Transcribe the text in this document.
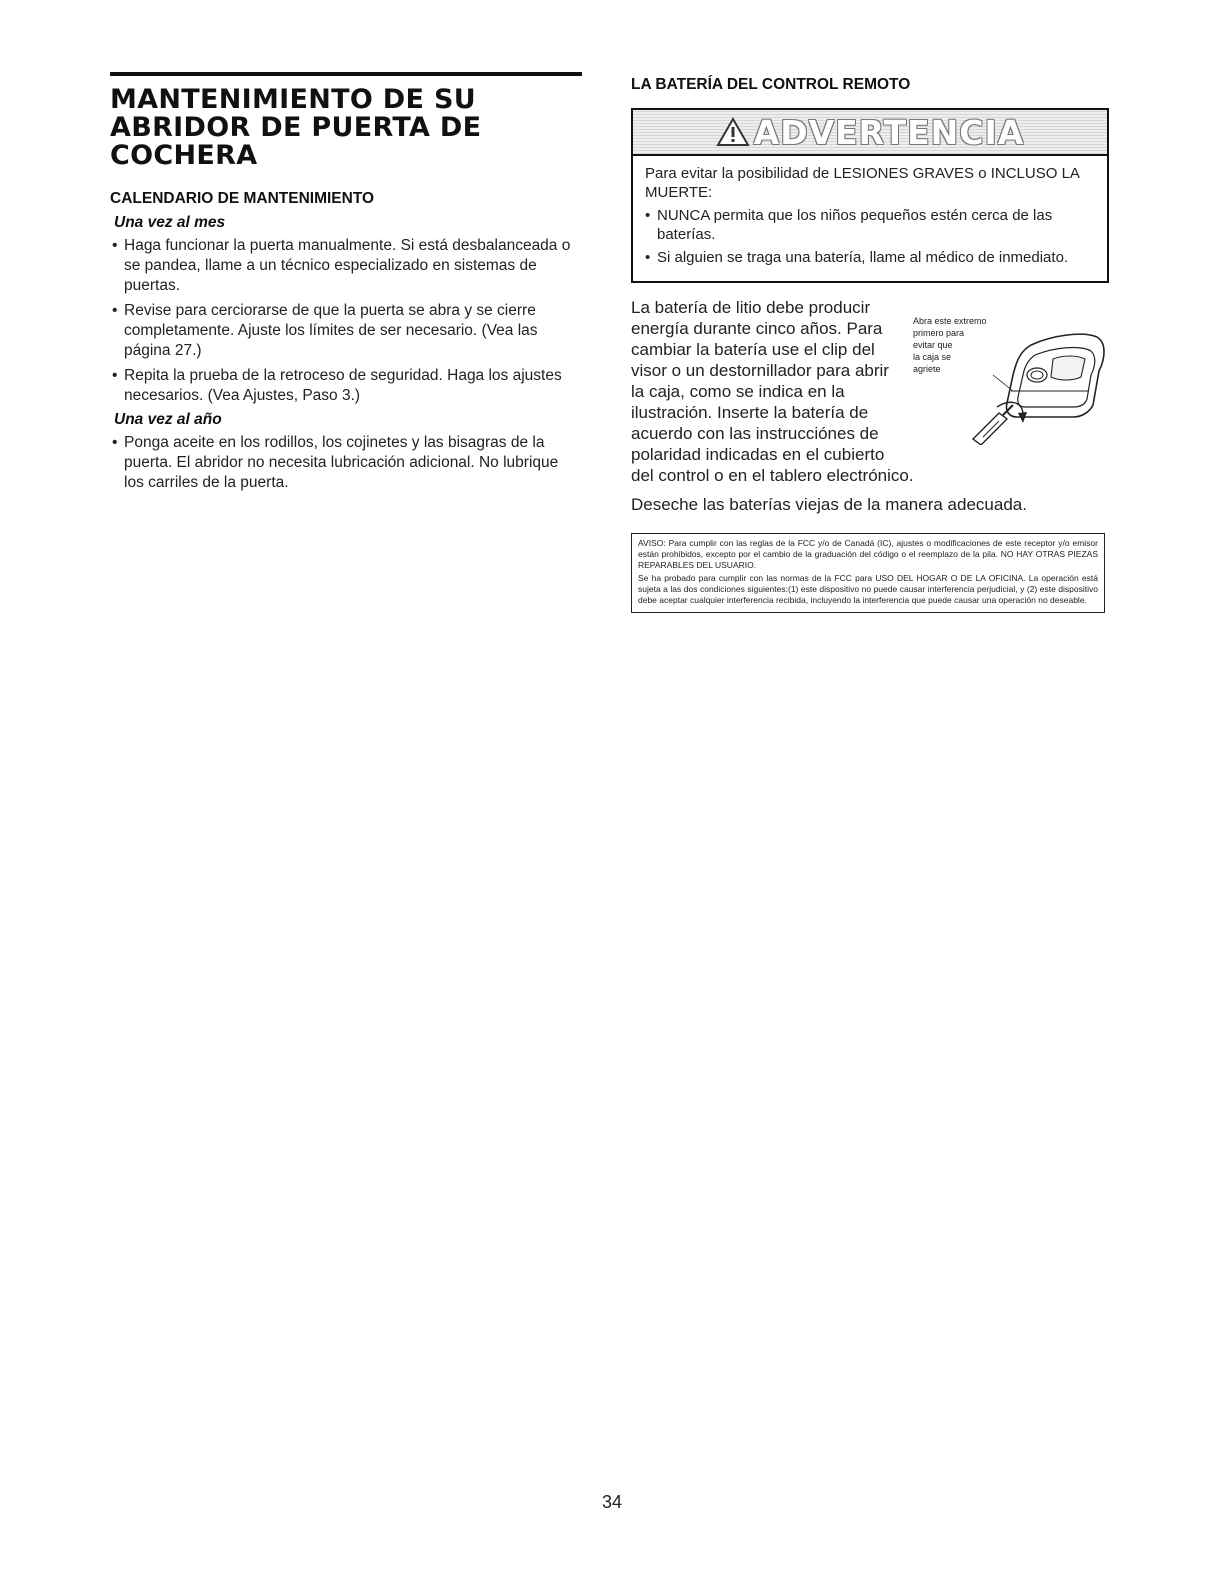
MANTENIMIENTO DE SU
ABRIDOR DE PUERTA DE
COCHERA
CALENDARIO DE MANTENIMIENTO
Una vez al mes
• Haga funcionar la puerta manualmente. Si está desbalanceada o se pandea, llame a un técnico especializado en sistemas de puertas.
• Revise para cerciorarse de que la puerta se abra y se cierre completamente. Ajuste los límites de ser necesario. (Vea las página 27.)
• Repita la prueba de la retroceso de seguridad. Haga los ajustes necesarios. (Vea Ajustes, Paso 3.)
Una vez al año
• Ponga aceite en los rodillos, los cojinetes y las bisagras de la puerta. El abridor no necesita lubricación adicional. No lubrique los carriles de la puerta.
LA BATERÍA DEL CONTROL REMOTO
ADVERTENCIA

Para evitar la posibilidad de LESIONES GRAVES o INCLUSO LA MUERTE:

• NUNCA permita que los niños pequeños estén cerca de las baterías.
• Si alguien se traga una batería, llame al médico de inmediato.
La batería de litio debe producir
energía durante cinco años. Para
cambiar la batería use el clip del
visor o un destornillador para abrir
la caja, como se indica en la
ilustración. Inserte la batería de
acuerdo con las instrucciónes de
polaridad indicadas en el cubierto
del control o en el tablero electrónico.
Deseche las baterías viejas de la manera adecuada.
Abra este extremo
primero para
evitar que
la caja se
agriete

AVISO: Para cumplir con las reglas de la FCC y/o de Canadá (IC), ajustes o modificaciones de este receptor y/o emisor están prohibidos, excepto por el cambio de la graduación del código o el reemplazo de la pila. NO HAY OTRAS PIEZAS REPARABLES DEL USUARIO.

Se ha probado para cumplir con las normas de la FCC para USO DEL HOGAR O DE LA OFICINA. La operación está sujeta a las dos condiciones siguientes:(1) este dispositivo no puede causar interferencia perjudicial, y (2) este dispositivo debe aceptar cualquier interferencia recibida, incluyendo la interferencia que puede causar una operación no deseable.

34
